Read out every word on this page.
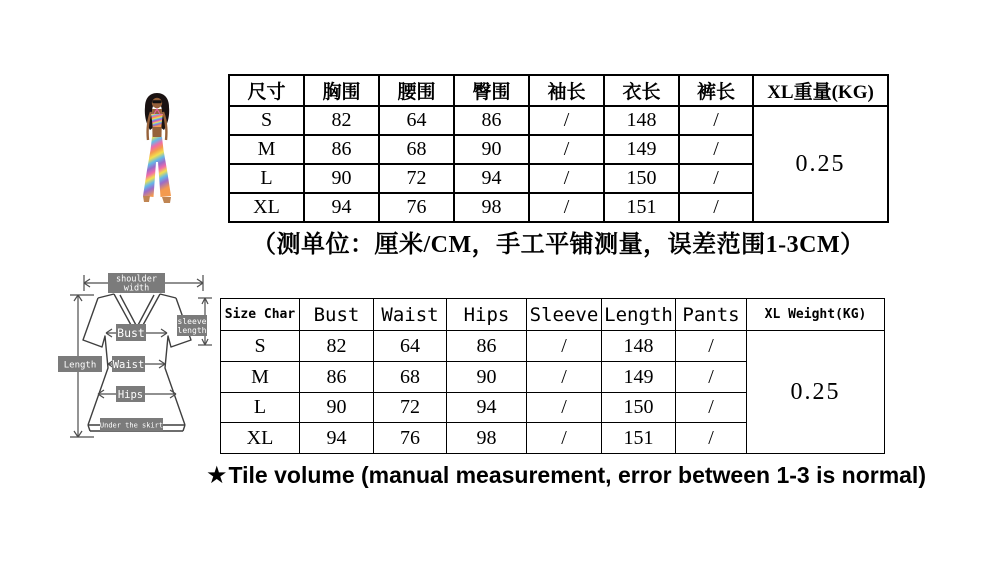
shoulder
width
sleeve
length
Bust
Waist
Hips
Length
Under the skirt
尺寸	胸围	腰围	臀围	袖长	衣长	裤长	XL重量(KG)
S	82	64	86	/	148	/	0.25
M	86	68	90	/	149	/	
L	90	72	94	/	150	/	
XL	94	76	98	/	151	/	
（测单位：厘米/CM，手工平铺测量，误差范围1-3CM）
Size Char	Bust	Waist	Hips	Sleeve	Length	Pants	XL Weight(KG)
S	82	64	86	/	148	/	0.25
M	86	68	90	/	149	/	
L	90	72	94	/	150	/	
XL	94	76	98	/	151	/	
★Tile volume (manual measurement, error between 1-3 is normal)
